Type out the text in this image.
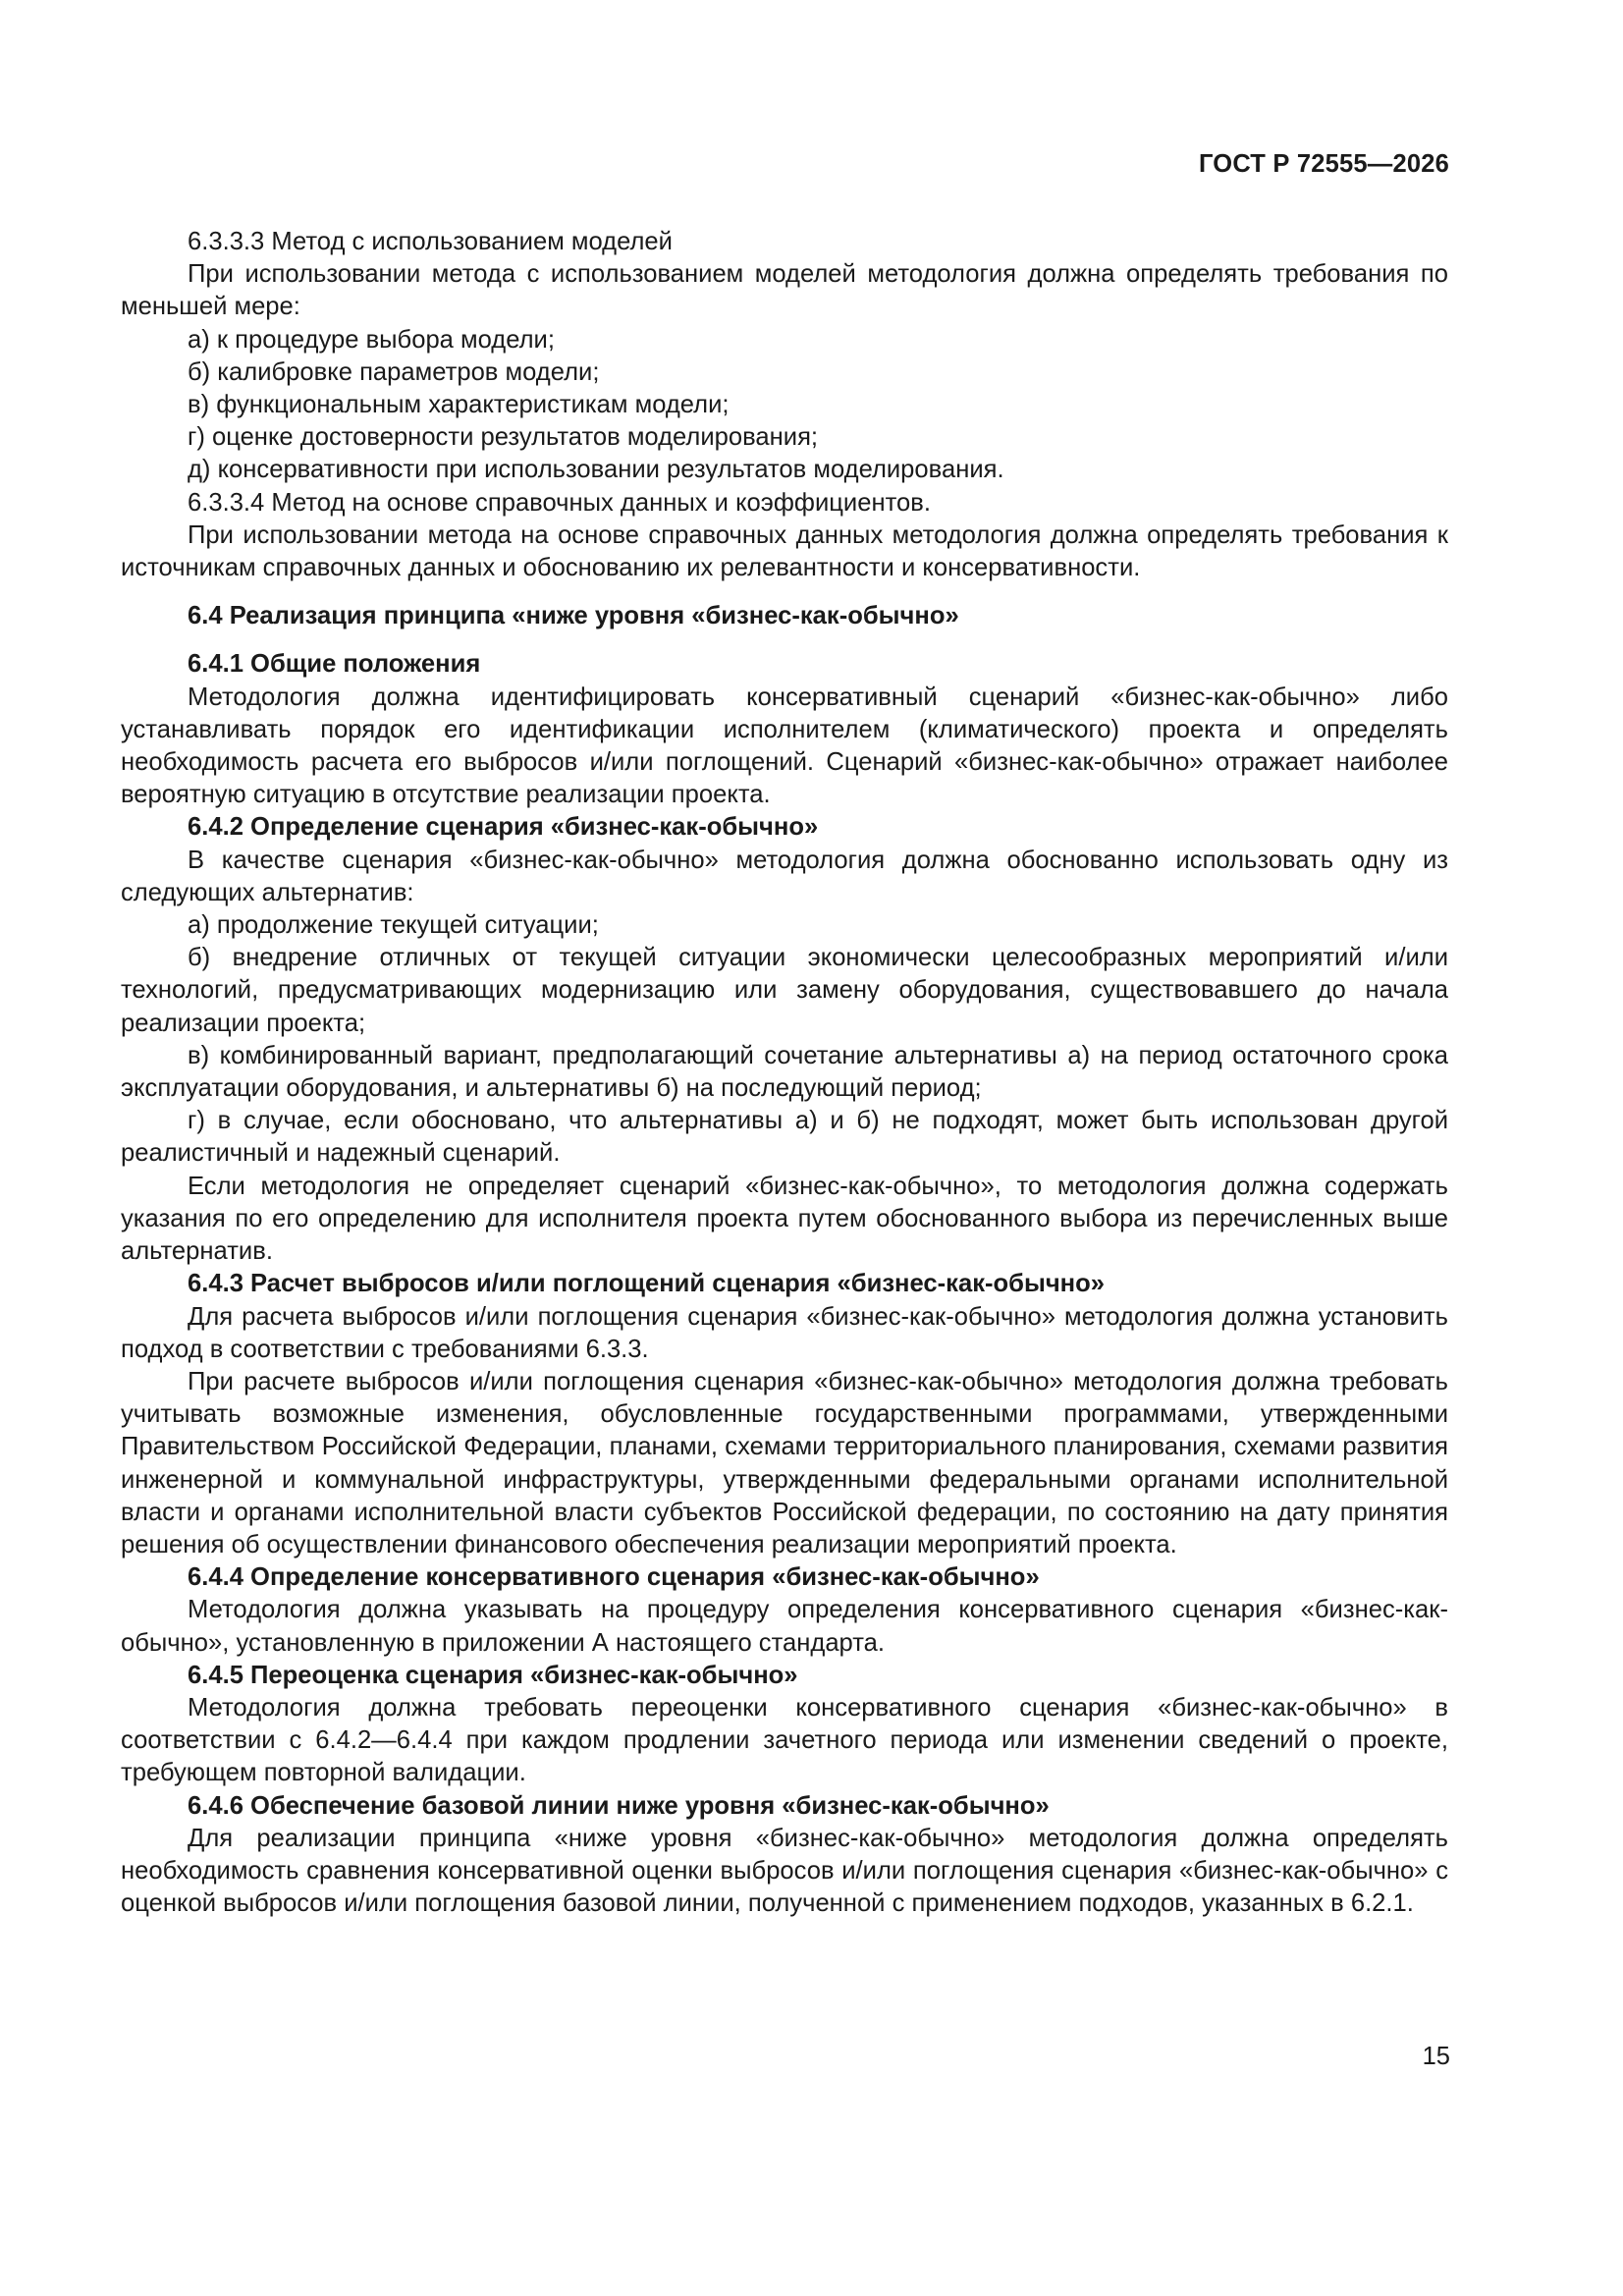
ГОСТ Р 72555—2026

6.3.3.3 Метод с использованием моделей

При использовании метода с использованием моделей методология должна определять требования по меньшей мере:

а) к процедуре выбора модели;

б) калибровке параметров модели;

в) функциональным характеристикам модели;

г) оценке достоверности результатов моделирования;

д) консервативности при использовании результатов моделирования.

6.3.3.4 Метод на основе справочных данных и коэффициентов.

При использовании метода на основе справочных данных методология должна определять требования к источникам справочных данных и обоснованию их релевантности и консервативности.

6.4 Реализация принципа «ниже уровня «бизнес-как-обычно»

6.4.1 Общие положения

Методология должна идентифицировать консервативный сценарий «бизнес-как-обычно» либо устанавливать порядок его идентификации исполнителем (климатического) проекта и определять необходимость расчета его выбросов и/или поглощений. Сценарий «бизнес-как-обычно» отражает наиболее вероятную ситуацию в отсутствие реализации проекта.

6.4.2 Определение сценария «бизнес-как-обычно»

В качестве сценария «бизнес-как-обычно» методология должна обоснованно использовать одну из следующих альтернатив:

а) продолжение текущей ситуации;

б) внедрение отличных от текущей ситуации экономически целесообразных мероприятий и/или технологий, предусматривающих модернизацию или замену оборудования, существовавшего до начала реализации проекта;

в) комбинированный вариант, предполагающий сочетание альтернативы а) на период остаточного срока эксплуатации оборудования, и альтернативы б) на последующий период;

г) в случае, если обосновано, что альтернативы а) и б) не подходят, может быть использован другой реалистичный и надежный сценарий.

Если методология не определяет сценарий «бизнес-как-обычно», то методология должна содержать указания по его определению для исполнителя проекта путем обоснованного выбора из перечисленных выше альтернатив.

6.4.3 Расчет выбросов и/или поглощений сценария «бизнес-как-обычно»

Для расчета выбросов и/или поглощения сценария «бизнес-как-обычно» методология должна установить подход в соответствии с требованиями 6.3.3.

При расчете выбросов и/или поглощения сценария «бизнес-как-обычно» методология должна требовать учитывать возможные изменения, обусловленные государственными программами, утвержденными Правительством Российской Федерации, планами, схемами территориального планирования, схемами развития инженерной и коммунальной инфраструктуры, утвержденными федеральными органами исполнительной власти и органами исполнительной власти субъектов Российской федерации, по состоянию на дату принятия решения об осуществлении финансового обеспечения реализации мероприятий проекта.

6.4.4 Определение консервативного сценария «бизнес-как-обычно»

Методология должна указывать на процедуру определения консервативного сценария «бизнес-как-обычно», установленную в приложении А настоящего стандарта.

6.4.5 Переоценка сценария «бизнес-как-обычно»

Методология должна требовать переоценки консервативного сценария «бизнес-как-обычно» в соответствии с 6.4.2—6.4.4 при каждом продлении зачетного периода или изменении сведений о проекте, требующем повторной валидации.

6.4.6 Обеспечение базовой линии ниже уровня «бизнес-как-обычно»

Для реализации принципа «ниже уровня «бизнес-как-обычно» методология должна определять необходимость сравнения консервативной оценки выбросов и/или поглощения сценария «бизнес-как-обычно» с оценкой выбросов и/или поглощения базовой линии, полученной с применением подходов, указанных в 6.2.1.

15
